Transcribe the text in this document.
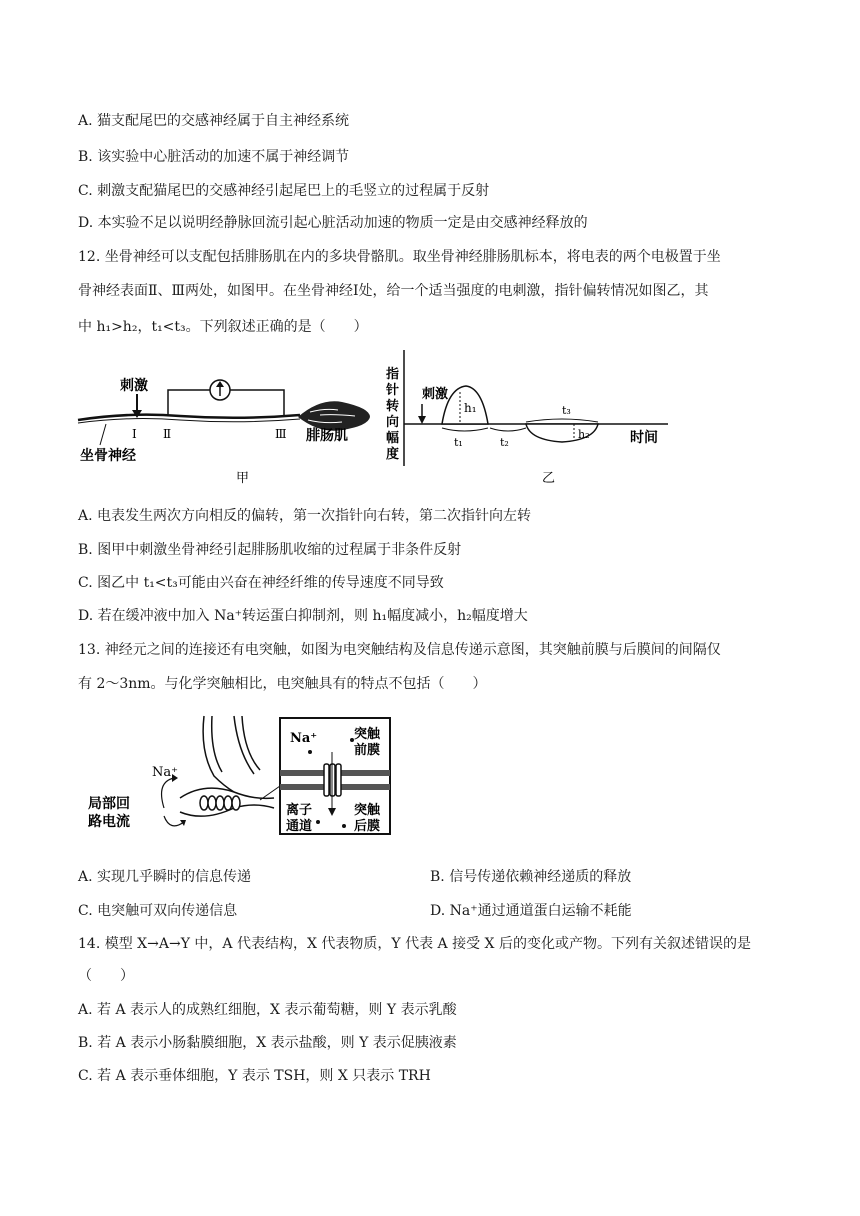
A. 猫支配尾巴的交感神经属于自主神经系统
B. 该实验中心脏活动的加速不属于神经调节
C. 刺激支配猫尾巴的交感神经引起尾巴上的毛竖立的过程属于反射
D. 本实验不足以说明经静脉回流引起心脏活动加速的物质一定是由交感神经释放的
12. 坐骨神经可以支配包括腓肠肌在内的多块骨骼肌。取坐骨神经腓肠肌标本，将电表的两个电极置于坐
骨神经表面Ⅱ、Ⅲ两处，如图甲。在坐骨神经Ⅰ处，给一个适当强度的电刺激，指针偏转情况如图乙，其
中 h₁>h₂，t₁<t₃。下列叙述正确的是（　　）
刺激
Ⅰ Ⅱ	Ⅲ 腓肠肌
坐骨神经
甲
指
针
转
向
幅
度
刺激
h₁
h₂
t₃
t₁	t₂	时间
乙
A. 电表发生两次方向相反的偏转，第一次指针向右转，第二次指针向左转
B. 图甲中刺激坐骨神经引起腓肠肌收缩的过程属于非条件反射
C. 图乙中 t₁<t₃可能由兴奋在神经纤维的传导速度不同导致
D. 若在缓冲液中加入 Na⁺转运蛋白抑制剂，则 h₁幅度减小，h₂幅度增大
13. 神经元之间的连接还有电突触，如图为电突触结构及信息传递示意图，其突触前膜与后膜间的间隔仅
有 2～3nm。与化学突触相比，电突触具有的特点不包括（　　）
Na⁺
局部回
路电流
Na⁺	突触
前膜
突触
后膜
离子
通道
A. 实现几乎瞬时的信息传递	B. 信号传递依赖神经递质的释放
C. 电突触可双向传递信息	D. Na⁺通过通道蛋白运输不耗能
14. 模型 X→A→Y 中，A 代表结构，X 代表物质，Y 代表 A 接受 X 后的变化或产物。下列有关叙述错误的是
（　　）
A. 若 A 表示人的成熟红细胞，X 表示葡萄糖，则 Y 表示乳酸
B. 若 A 表示小肠黏膜细胞，X 表示盐酸，则 Y 表示促胰液素
C. 若 A 表示垂体细胞，Y 表示 TSH，则 X 只表示 TRH
